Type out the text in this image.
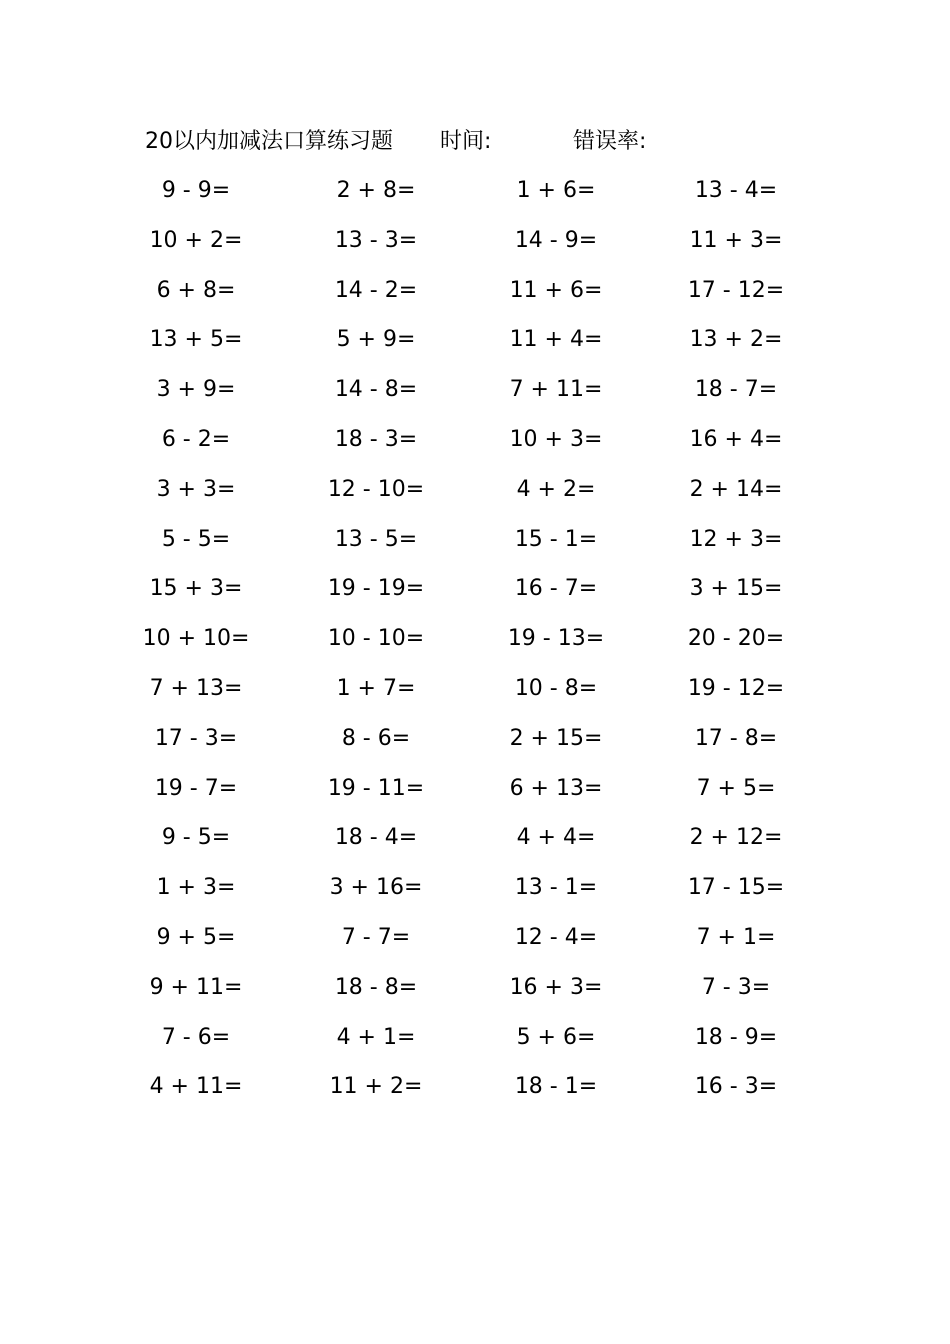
20以内加减法口算练习题 时间:	错误率:
9 - 9=	2 + 8=	1 + 6=	13 - 4=
10 + 2=	13 - 3=	14 - 9=	11 + 3=
6 + 8=	14 - 2=	11 + 6=	17 - 12=
13 + 5=	5 + 9=	11 + 4=	13 + 2=
3 + 9=	14 - 8=	7 + 11=	18 - 7=
6 - 2=	18 - 3=	10 + 3=	16 + 4=
3 + 3=	12 - 10=	4 + 2=	2 + 14=
5 - 5=	13 - 5=	15 - 1=	12 + 3=
15 + 3=	19 - 19=	16 - 7=	3 + 15=
10 + 10=	10 - 10=	19 - 13=	20 - 20=
7 + 13=	1 + 7=	10 - 8=	19 - 12=
17 - 3=	8 - 6=	2 + 15=	17 - 8=
19 - 7=	19 - 11=	6 + 13=	7 + 5=
9 - 5=	18 - 4=	4 + 4=	2 + 12=
1 + 3=	3 + 16=	13 - 1=	17 - 15=
9 + 5=	7 - 7=	12 - 4=	7 + 1=
9 + 11=	18 - 8=	16 + 3=	7 - 3=
7 - 6=	4 + 1=	5 + 6=	18 - 9=
4 + 11=	11 + 2=	18 - 1=	16 - 3=
